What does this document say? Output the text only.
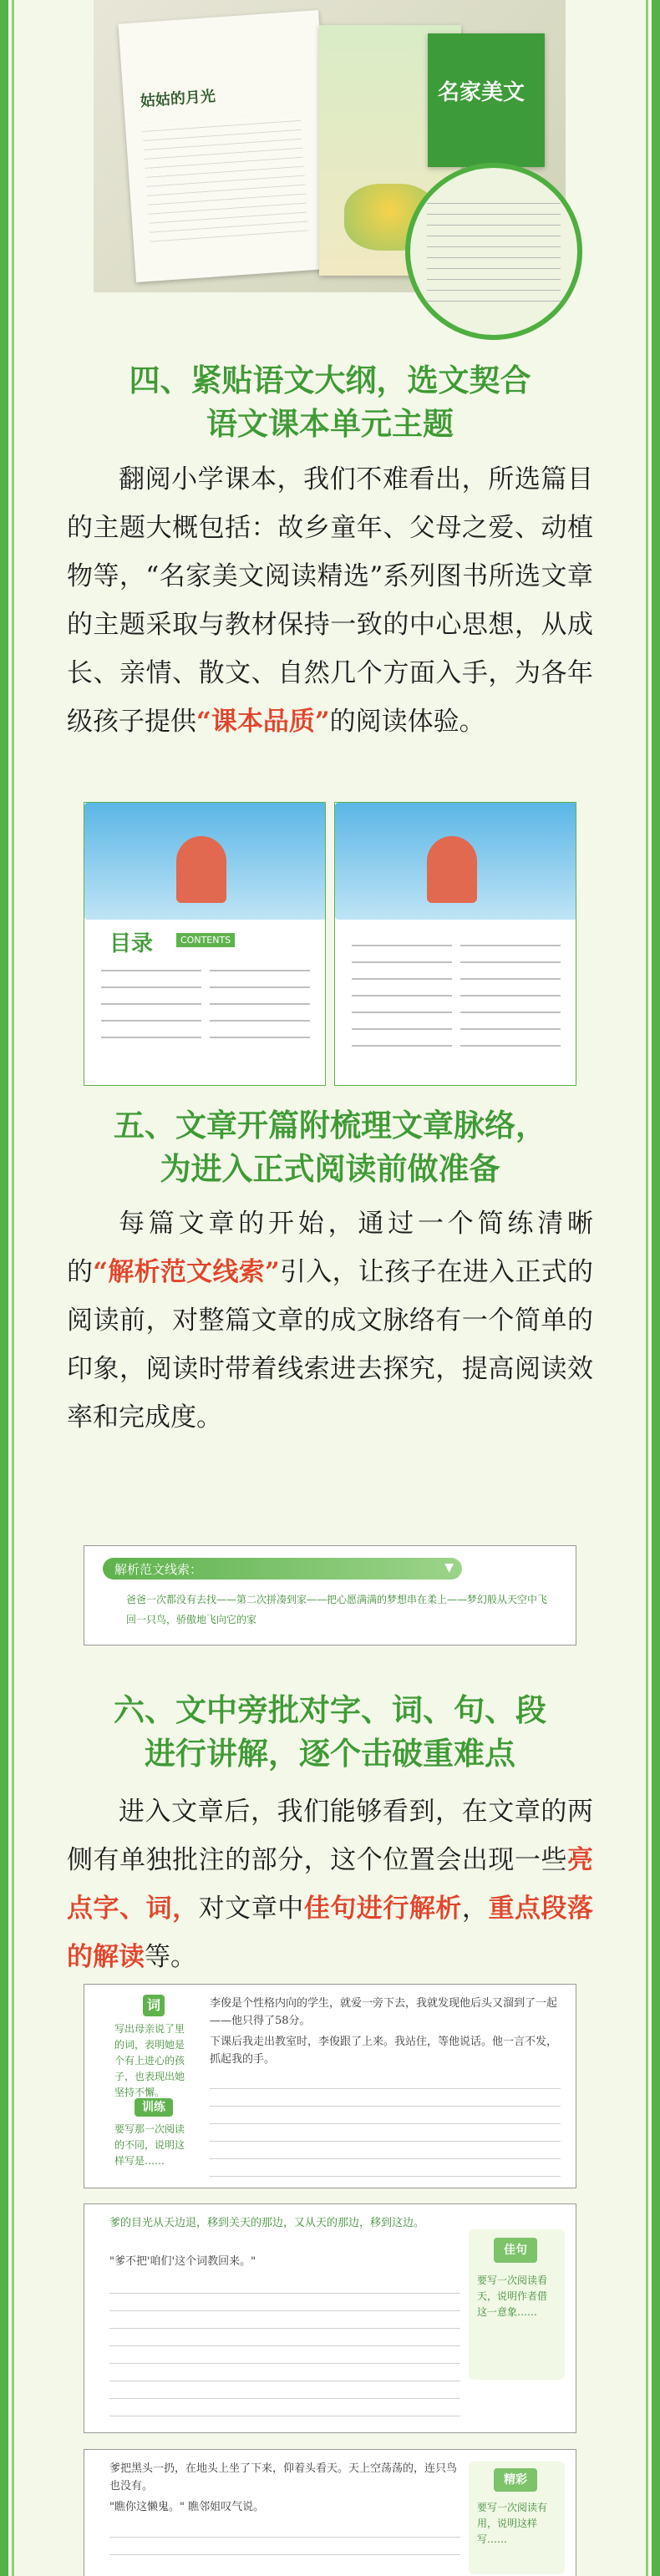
姑姑的月光	名家美文
四、紧贴语文大纲，选文契合
语文课本单元主题
翻阅小学课本，我们不难看出，所选篇目的主题大概包括：故乡童年、父母之爱、动植物等，“名家美文阅读精选”系列图书所选文章的主题采取与教材保持一致的中心思想，从成长、亲情、散文、自然几个方面入手，为各年级孩子提供“课本品质”的阅读体验。
目录	CONTENTS
五、文章开篇附梳理文章脉络，
为进入正式阅读前做准备
每篇文章的开始，通过一个简练清晰的“解析范文线索”引入，让孩子在进入正式的阅读前，对整篇文章的成文脉络有一个简单的印象，阅读时带着线索进去探究，提高阅读效率和完成度。
解析范文线索：	▼
爸爸一次都没有去找——第二次拼凑到家——把心愿满满的梦想串在柔上——梦幻般从天空中飞回一只鸟，骄傲地飞向它的家
六、文中旁批对字、词、句、段
进行讲解，逐个击破重难点
进入文章后，我们能够看到，在文章的两侧有单独批注的部分，这个位置会出现一些亮点字、词，对文章中佳句进行解析，重点段落的解读等。
词
写出母亲说了里的词，表明她是个有上进心的孩子，也表现出她坚持不懈。
训练
要写那一次阅读的不同，说明这样写是……
李俊是个性格内向的学生，就爱一旁下去，我就发现他后头又溜到了一起——他只得了58分。
下课后我走出教室时，李俊跟了上来。我站住，等他说话。他一言不发，抓起我的手。
爹的目光从天边退，移到关天的那边，又从天的那边，移到这边。
"爹不把'咱们'这个词教回来。"
佳句
要写一次阅读看天，说明作者借这一意象……
爹把黑头一扔，在地头上坐了下来，仰着头看天。天上空荡荡的，连只鸟也没有。
"瞧你这懒鬼。" 瞧邻姐叹气说。
精彩
要写一次阅读有用，说明这样写……
